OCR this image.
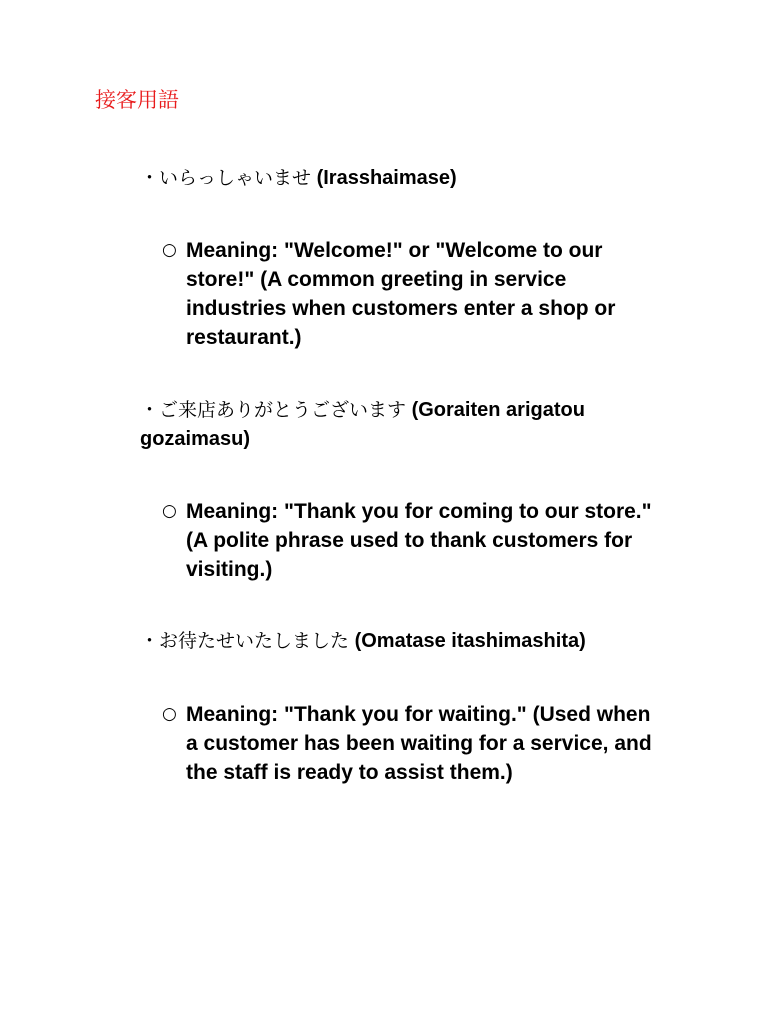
接客用語
・いらっしゃいませ (Irasshaimase)
○ Meaning: "Welcome!" or "Welcome to our store!" (A common greeting in service industries when customers enter a shop or restaurant.)
・ご来店ありがとうございます (Goraiten arigatou gozaimasu)
○ Meaning: "Thank you for coming to our store." (A polite phrase used to thank customers for visiting.)
・お待たせいたしました (Omatase itashimashita)
○ Meaning: "Thank you for waiting." (Used when a customer has been waiting for a service, and the staff is ready to assist them.)
